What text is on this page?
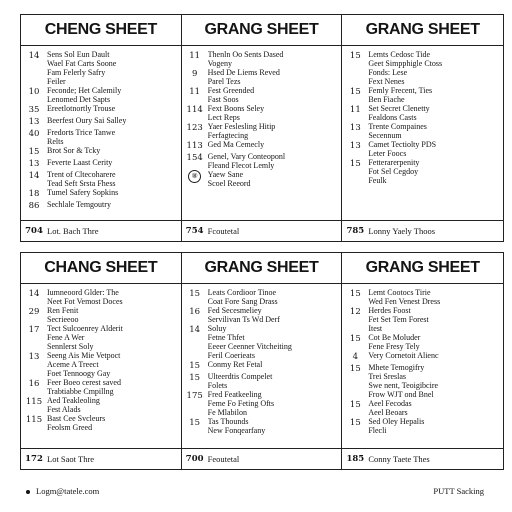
CHENG SHEET
14 Sens Sol Eun Dault
Wael Fat Carts Soone
Fam Felerly Safry
Feiler
10 Feconde; Het Calemily
Lenomed Det Sapts
35 Ereetlotnortly Trouse
13 Beerfest Oury Sai Salley
40 Fredorts Trice Tanwe
Relts
15 Brot Sor & Tcky
13 Feverte Laast Cerity
14 Trent of Cltecoharere
Tead Seft Srsta Fhess
18 Tumel Safery Sopkins
86 Sechlale Temgoutry
704 Lot. Bach Thre
GRANG SHEET
11 Thenln Oo Sents Dased
Vogeny
9	Hsed De Liems Reved
Parel Tezs
11 Fest Greended
Fast Soos
114 Fext Boons Seley
Lect Reps
123 Yaer Feslesling Hitip
Ferfagtecing
113 Ged Ma Cemecly
154 Genel, Vary Conteoponl
Fleand Flecot Lemly
⑧	Yaew Sane
Scoel Reeord
754 Fcoutetal
GRANG SHEET
15 Lemts Cedosc Tide
Geet Simpphigle Ctoss
Fonds: Lese
Fext Nenes
15 Femly Frecent, Ties
Ben Fiache
11 Set Secret Clenetty
Fealdons Casts
13 Trente Compaines
Secennum
13 Camet Tectiolty PDS
Leter Foocs
15 Fetterarerpenity
Fot Sel Cegdoy
Feulk
785 Lonny Yaely Thoos
CHANG SHEET
14 Iumneoord Glder: The
Neet Fot Vemost Doces
29 Ren Fenit
Secrieeoo
17 Tect Sulcoenrey Alderit
Fene A Wer
Sennlerst Soly
13 Seeng Ais Mie Vetpoct
Aceme A Treect
Foet Tennoogy Gay
16 Feer Boeo cerest saved
Trabtiabbe Cmpillng
115 Aed Teakleoling
Fest Alads
115 Bast Cee Svcleurs
Feolsm Greed
172 Lot Saot Thre
GRANG SHEET
15 Leats Cordioor Tinoe
Coat Fore Sang Drass
16 Fed Secesmeliey
Servilivan Ts Wd Derf
14 Soluy
Fetne Thfet
Eeeer Ceenner Vitcheiting
Feril Coerieats
15 Conmy Ret Fetal
15 Ulteerdtis Compelet
Folets
175 Fred Featkeeling
Feme Fo Feting Ofts
Fe Mlabilon
15 Tas Thounds
New Fonqearfany
700 Feoutetal
GRANG SHEET
15 Lemt Cootocs Tirie
Wed Fen Venest Dress
12 Herdes Foost
Fet Set Tem Forest
Itest
15 Cot Be Moluder
Fene Fresy Tely
4	Very Cornetoit Alienc
15 Mhete Temogifry
Trei Sreslas
Swe nent, Teoigibcire
Frow WJT ond Bnel
15 Aeel Fecodas
Aeel Beoars
15 Sed Oley Hepalis
Flecli
185 Conny Taete Thes
Logm@tatele.com	PUTT Sacking
